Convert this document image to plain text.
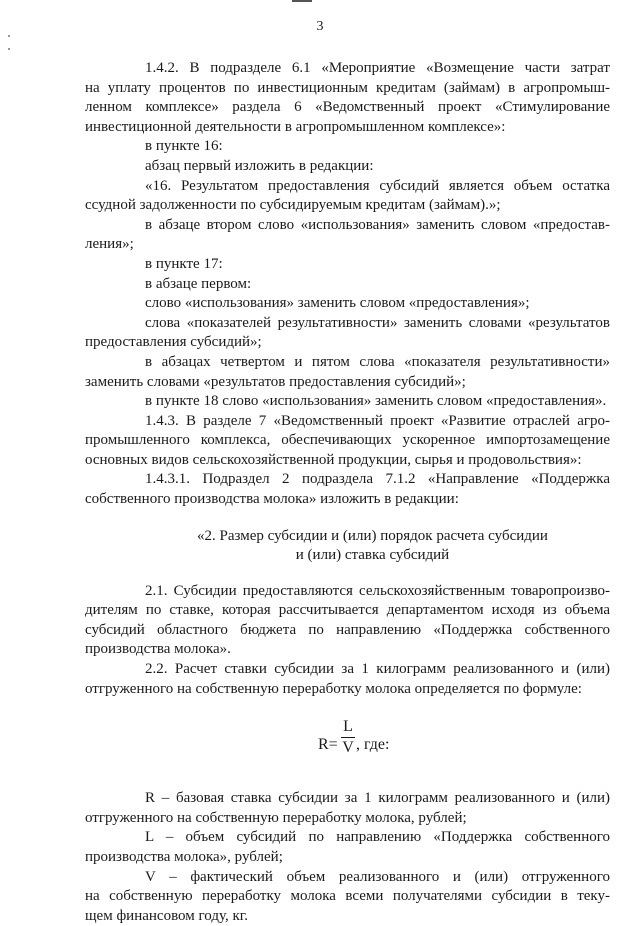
3
1.4.2. В подразделе 6.1 «Мероприятие «Возмещение части затрат
на уплату процентов по инвестиционным кредитам (займам) в агропромыш-
ленном комплексе» раздела 6 «Ведомственный проект «Стимулирование
инвестиционной деятельности в агропромышленном комплексе»:
в пункте 16:
абзац первый изложить в редакции:
«16. Результатом предоставления субсидий является объем остатка
ссудной задолженности по субсидируемым кредитам (займам).»;
в абзаце втором слово «использования» заменить словом «предостав-
ления»;
в пункте 17:
в абзаце первом:
слово «использования» заменить словом «предоставления»;
слова «показателей результативности» заменить словами «результатов
предоставления субсидий»;
в абзацах четвертом и пятом слова «показателя результативности»
заменить словами «результатов предоставления субсидий»;
в пункте 18 слово «использования» заменить словом «предоставления».
1.4.3. В разделе 7 «Ведомственный проект «Развитие отраслей агро-
промышленного комплекса, обеспечивающих ускоренное импортозамещение
основных видов сельскохозяйственной продукции, сырья и продовольствия»:
1.4.3.1. Подраздел 2 подраздела 7.1.2 «Направление «Поддержка
собственного производства молока» изложить в редакции:
«2. Размер субсидии и (или) порядок расчета субсидии
и (или) ставка субсидий
2.1. Субсидии предоставляются сельскохозяйственным товаропроизво-
дителям по ставке, которая рассчитывается департаментом исходя из объема
субсидий областного бюджета по направлению «Поддержка собственного
производства молока».
2.2. Расчет ставки субсидии за 1 килограмм реализованного и (или)
отгруженного на собственную переработку молока определяется по формуле:
R=
L
V , где:
R – базовая ставка субсидии за 1 килограмм реализованного и (или)
отгруженного на собственную переработку молока, рублей;
L – объем субсидий по направлению «Поддержка собственного
производства молока», рублей;
V – фактический объем реализованного и (или) отгруженного
на собственную переработку молока всеми получателями субсидии в теку-
щем финансовом году, кг.
